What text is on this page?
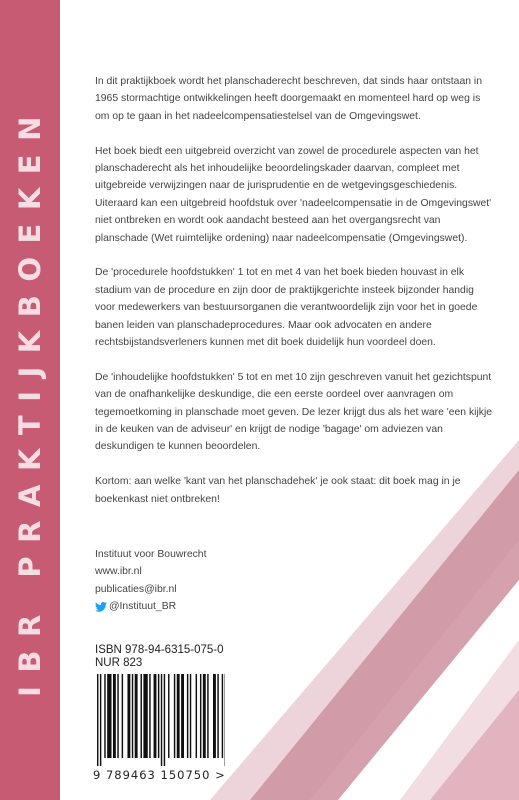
IBR PRAKTIJKBOEKEN

In dit praktijkboek wordt het planschaderecht beschreven, dat sinds haar ontstaan in 1965 stormachtige ontwikkelingen heeft doorgemaakt en momenteel hard op weg is om op te gaan in het nadeelcompensatiestelsel van de Omgevingswet.

Het boek biedt een uitgebreid overzicht van zowel de procedurele aspecten van het planschaderecht als het inhoudelijke beoordelingskader daarvan, compleet met uitgebreide verwijzingen naar de jurisprudentie en de wetgevingsgeschiedenis. Uiteraard kan een uitgebreid hoofdstuk over 'nadeelcompensatie in de Omgevingswet' niet ontbreken en wordt ook aandacht besteed aan het overgangsrecht van planschade (Wet ruimtelijke ordening) naar nadeelcompensatie (Omgevingswet).

De 'procedurele hoofdstukken' 1 tot en met 4 van het boek bieden houvast in elk stadium van de procedure en zijn door de praktijkgerichte insteek bijzonder handig voor medewerkers van bestuursorganen die verantwoordelijk zijn voor het in goede banen leiden van planschadeprocedures. Maar ook advocaten en andere rechtsbijstandsverleners kunnen met dit boek duidelijk hun voordeel doen.

De 'inhoudelijke hoofdstukken' 5 tot en met 10 zijn geschreven vanuit het gezichtspunt van de onafhankelijke deskundige, die een eerste oordeel over aanvragen om tegemoetkoming in planschade moet geven. De lezer krijgt dus als het ware 'een kijkje in de keuken van de adviseur' en krijgt de nodige 'bagage' om adviezen van deskundigen te kunnen beoordelen.

Kortom: aan welke 'kant van het planschadehek' je ook staat: dit boek mag in je boekenkast niet ontbreken!

Instituut voor Bouwrecht
www.ibr.nl
publicaties@ibr.nl
@Instituut_BR
ISBN 978-94-6315-075-0
NUR 823
9 789463 150750 >
